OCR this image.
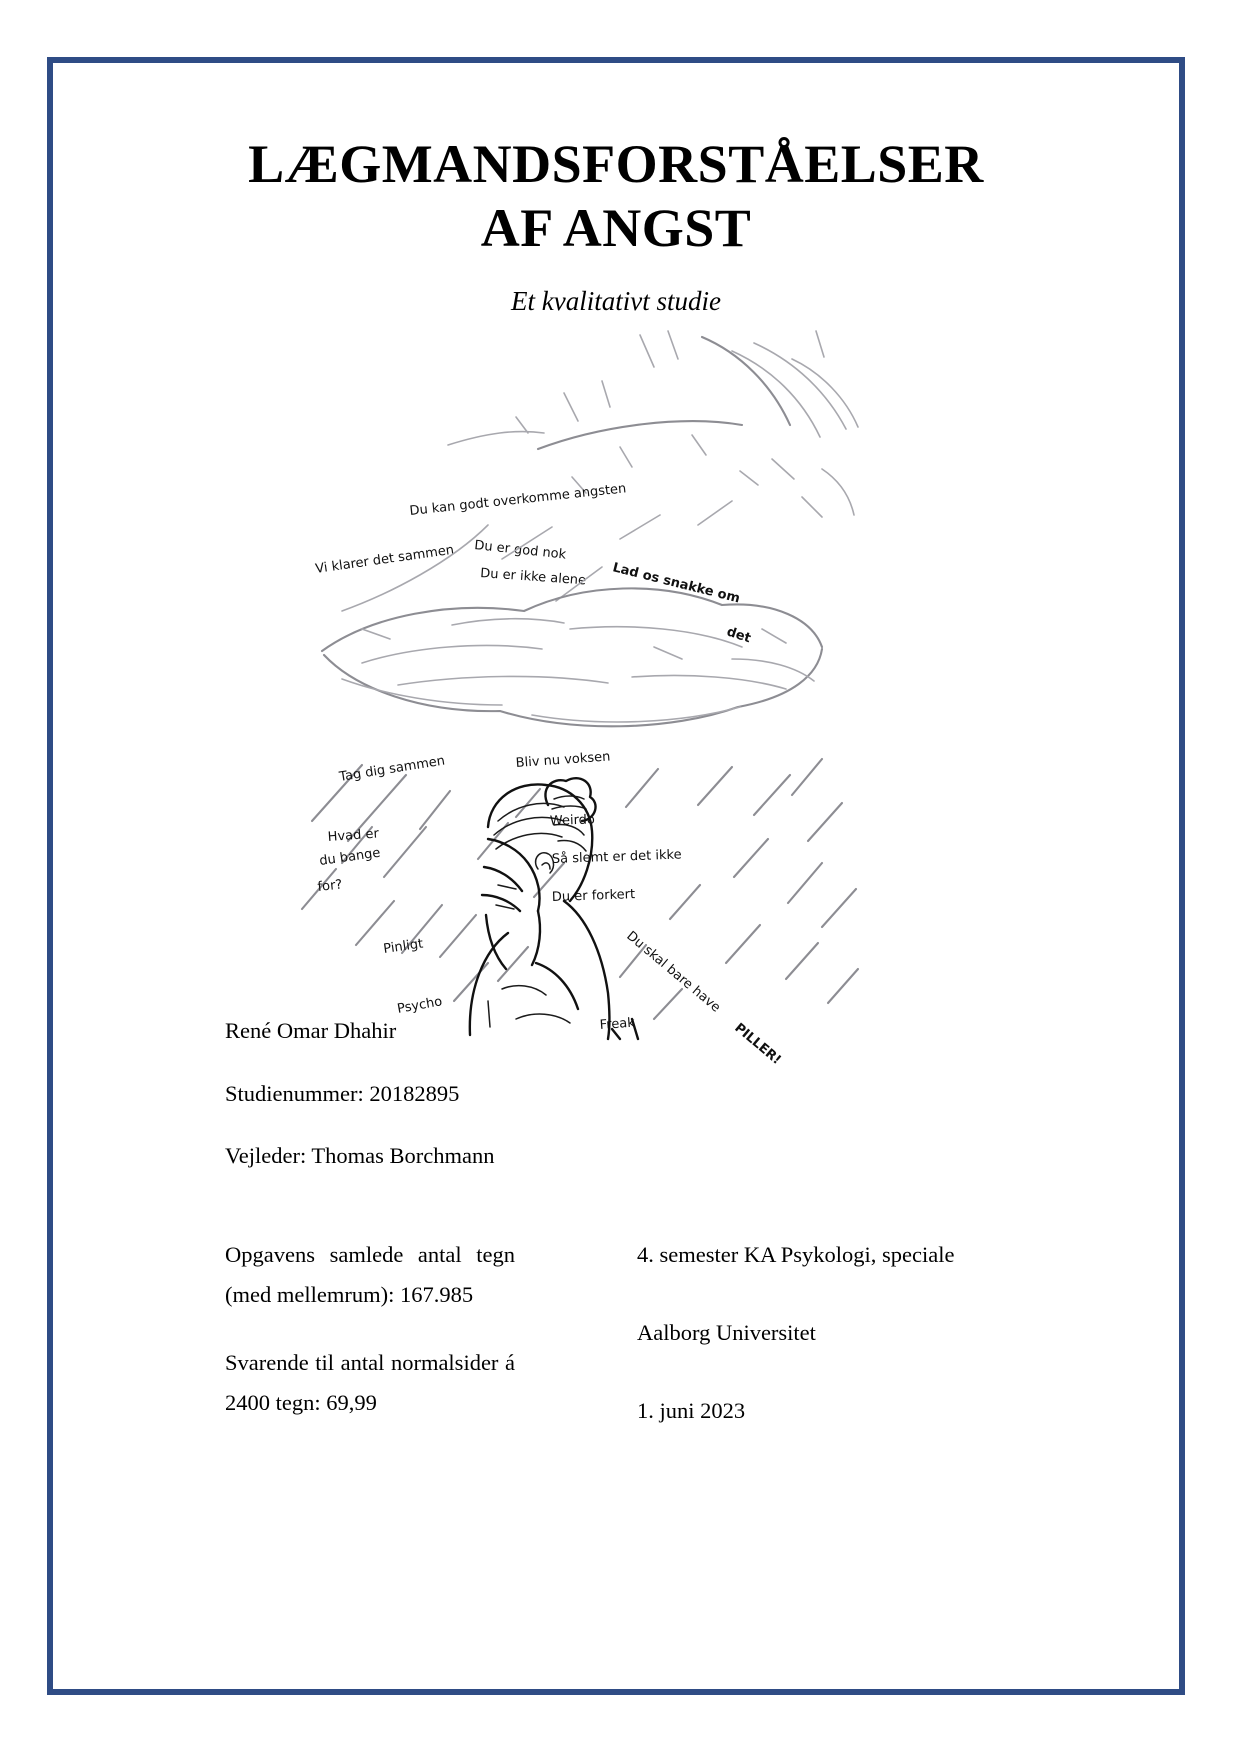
LÆGMANDSFORSTÅELSER
AF ANGST

Et kvalitativt studie

Du kan godt overkomme angsten
Du er god nok
Vi klarer det sammen
Du er ikke alene Lad os snakke om
det
Tag dig sammen	Bliv nu voksen
Hvad er
du bange
for?
Weirdo
Så slemt er det ikke
Du er forkert
Pinligt
Psycho	Du skal bare have
PILLER!
Freak

René Omar Dhahir

Studienummer: 20182895

Vejleder: Thomas Borchmann

Opgavens samlede antal tegn (med mellemrum): 167.985

Svarende til antal normalsider á 2400 tegn: 69,99

4. semester KA Psykologi, speciale

Aalborg Universitet

1. juni 2023
